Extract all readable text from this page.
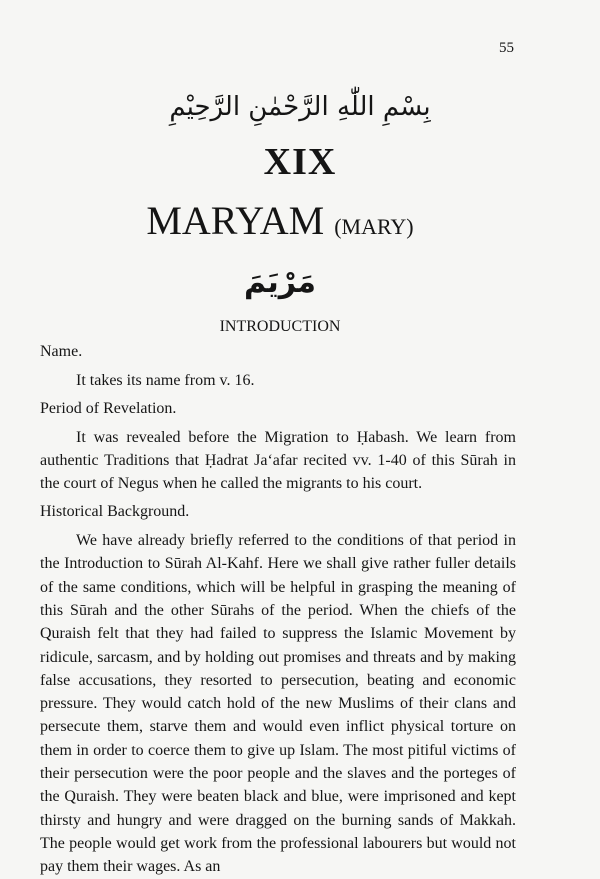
55
بِسْمِ اللّٰهِ الرَّحْمٰنِ الرَّحِيْمِ
XIX
MARYAM (MARY)
مَرْيَمَ
INTRODUCTION

Name.

It takes its name from v. 16.

Period of Revelation.

It was revealed before the Migration to Ḥabash. We learn from authentic Traditions that Ḥadrat Ja‘afar recited vv. 1-40 of this Sūrah in the court of Negus when he called the migrants to his court.

Historical Background.

We have already briefly referred to the conditions of that period in the Introduction to Sūrah Al-Kahf. Here we shall give rather fuller details of the same conditions, which will be helpful in grasping the meaning of this Sūrah and the other Sūrahs of the period. When the chiefs of the Quraish felt that they had failed to suppress the Islamic Movement by ridicule, sarcasm, and by holding out promises and threats and by making false accusations, they resorted to persecution, beating and economic pressure. They would catch hold of the new Muslims of their clans and persecute them, starve them and would even inflict physical torture on them in order to coerce them to give up Islam. The most pitiful victims of their persecution were the poor people and the slaves and the porteges of the Quraish. They were beaten black and blue, were imprisoned and kept thirsty and hungry and were dragged on the burning sands of Makkah. The people would get work from the professional labourers but would not pay them their wages. As an
